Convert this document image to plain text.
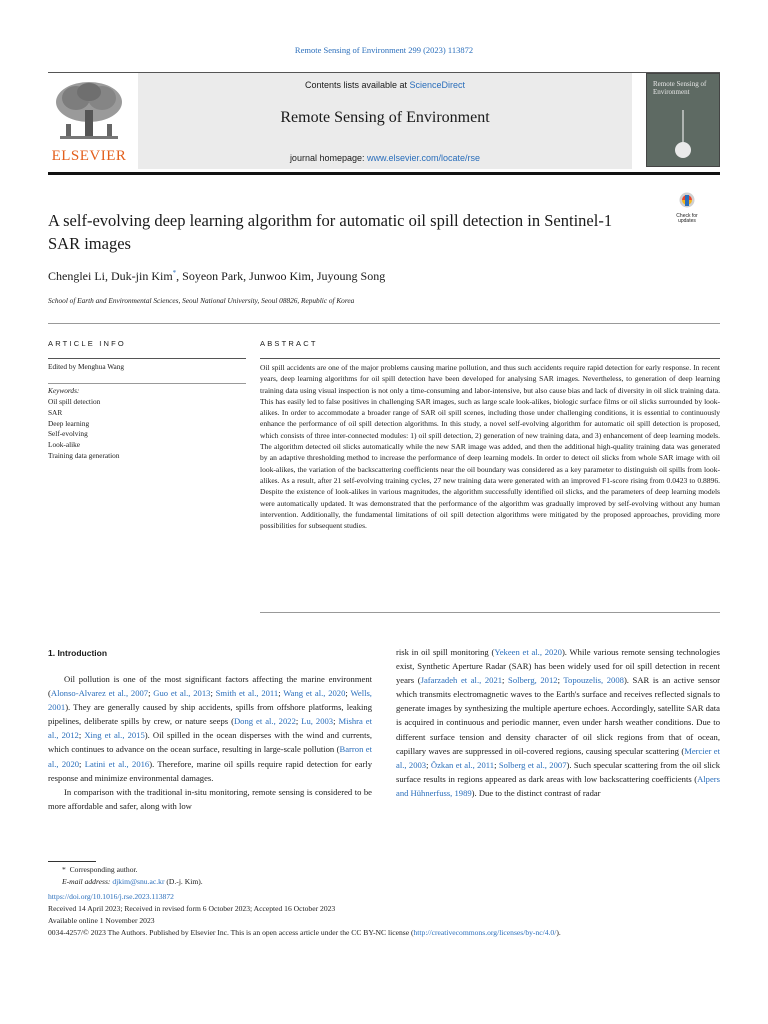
Remote Sensing of Environment 299 (2023) 113872
ELSEVIER
Contents lists available at ScienceDirect
Remote Sensing of Environment
journal homepage: www.elsevier.com/locate/rse
Remote Sensing of Environment
Check for
updates
A self-evolving deep learning algorithm for automatic oil spill detection in Sentinel-1 SAR images
Chenglei Li, Duk-jin Kim*, Soyeon Park, Junwoo Kim, Juyoung Song
School of Earth and Environmental Sciences, Seoul National University, Seoul 08826, Republic of Korea
ARTICLE INFO
Edited by Menghua Wang
Keywords:
Oil spill detection
SAR
Deep learning
Self-evolving
Look-alike
Training data generation
ABSTRACT

Oil spill accidents are one of the major problems causing marine pollution, and thus such accidents require rapid detection for early response. In recent years, deep learning algorithms for oil spill detection have been developed for analysing SAR images. Nevertheless, to generation of deep learning training data using visual inspection is not only a time-consuming and labor-intensive, but also cause bias and lack of diversity in oil slick training data. This has easily led to false positives in challenging SAR images, such as large scale look-alikes, biologic surface films or oil slicks surrounded by look-alikes. In order to accommodate a broader range of SAR oil spill scenes, including those under challenging conditions, it is essential to continuously enhance the performance of oil spill detection algorithms. In this study, a novel self-evolving algorithm for automatic oil spill detection is proposed, which consists of three inter-connected modules: 1) oil spill detection, 2) generation of new training data, and 3) enhancement of deep learning models. The algorithm detected oil slicks automatically while the new SAR image was added, and then the additional high-quality training data was generated by an adaptive thresholding method to increase the performance of deep learning models. In order to detect oil slicks from whole SAR image with oil look-alikes, the variation of the backscattering coefficients near the oil boundary was considered as a key parameter to distinguish oil spills from look-alikes. As a result, after 21 self-evolving training cycles, 27 new training data were generated with an improved F1-score rising from 0.0423 to 0.8896. Despite the existence of look-alikes in various magnitudes, the algorithm successfully identified oil slicks, and the parameters of deep learning models were automatically updated. It was demonstrated that the performance of the algorithm was gradually improved by self-evolving without any human intervention. Additionally, the fundamental limitations of oil spill detection algorithms were mitigated by the proposed approaches, providing more possibilities for subsequent studies.

1. Introduction

Oil pollution is one of the most significant factors affecting the marine environment (Alonso-Alvarez et al., 2007; Guo et al., 2013; Smith et al., 2011; Wang et al., 2020; Wells, 2001). They are generally caused by ship accidents, spills from offshore platforms, leaking pipelines, deliberate spills by crew, or nature seeps (Dong et al., 2022; Lu, 2003; Mishra et al., 2012; Xing et al., 2015). Oil spilled in the ocean disperses with the wind and currents, which continues to advance on the ocean surface, resulting in large-scale pollution (Barron et al., 2020; Latini et al., 2016). Therefore, marine oil spills require rapid detection for early response and minimize environmental damages.

In comparison with the traditional in-situ monitoring, remote sensing is considered to be more affordable and safer, along with low

risk in oil spill monitoring (Yekeen et al., 2020). While various remote sensing technologies exist, Synthetic Aperture Radar (SAR) has been widely used for oil spill detection in recent years (Jafarzadeh et al., 2021; Solberg, 2012; Topouzelis, 2008). SAR is an active sensor which transmits electromagnetic waves to the Earth's surface and receives reflected signals to generate images by synthesizing the multiple aperture echoes. Accordingly, satellite SAR data is acquired in continuous and periodic manner, even under harsh weather conditions. Due to different surface tension and density character of oil slick regions from that of ocean, capillary waves are suppressed in oil-covered regions, causing specular scattering (Mercier et al., 2003; Özkan et al., 2011; Solberg et al., 2007). Such specular scattering from the oil slick surface results in regions appeared as dark areas with low backscattering coefficients (Alpers and Hühnerfuss, 1989). Due to the distinct contrast of radar

*  Corresponding author.
E-mail address: djkim@snu.ac.kr (D.-j. Kim).
https://doi.org/10.1016/j.rse.2023.113872
Received 14 April 2023; Received in revised form 6 October 2023; Accepted 16 October 2023
Available online 1 November 2023
0034-4257/© 2023 The Authors. Published by Elsevier Inc. This is an open access article under the CC BY-NC license (http://creativecommons.org/licenses/by-nc/4.0/).
